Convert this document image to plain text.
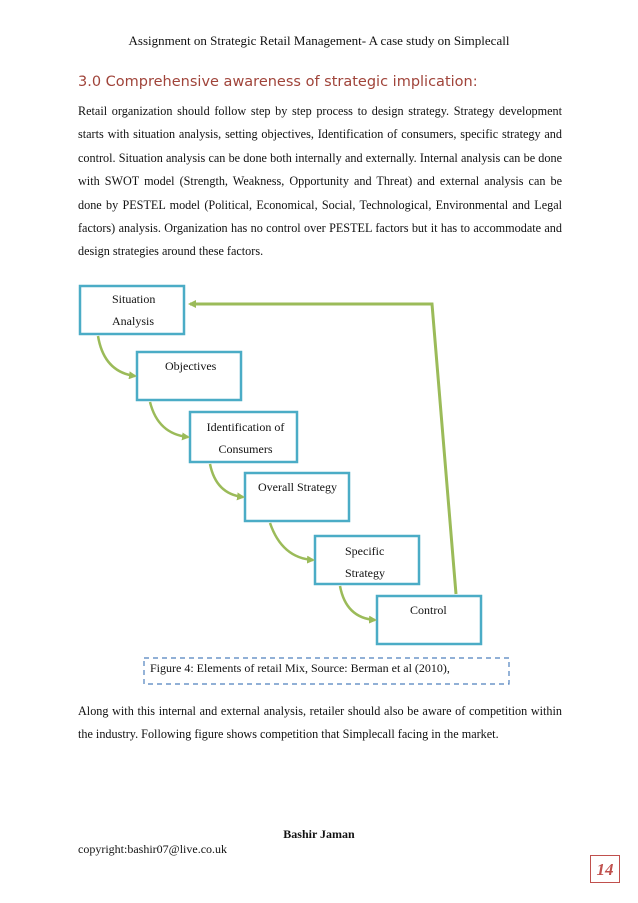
Assignment on Strategic Retail Management- A case study on Simplecall
3.0 Comprehensive awareness of strategic implication:

Retail organization should follow step by step process to design strategy. Strategy development starts with situation analysis, setting objectives, Identification of consumers, specific strategy and control. Situation analysis can be done both internally and externally. Internal analysis can be done with SWOT model (Strength, Weakness, Opportunity and Threat) and external analysis can be done by PESTEL model (Political, Economical, Social, Technological, Environmental and Legal factors) analysis. Organization has no control over PESTEL factors but it has to accommodate and design strategies around these factors.

Situation
Analysis
Objectives
Identification of
Consumers
Overall Strategy
Specific
Strategy
Control
Figure 4: Elements of retail Mix, Source: Berman et al (2010),

Along with this internal and external analysis, retailer should also be aware of competition within the industry. Following figure shows competition that Simplecall facing in the market.

Bashir Jaman
copyright:bashir07@live.co.uk
14
